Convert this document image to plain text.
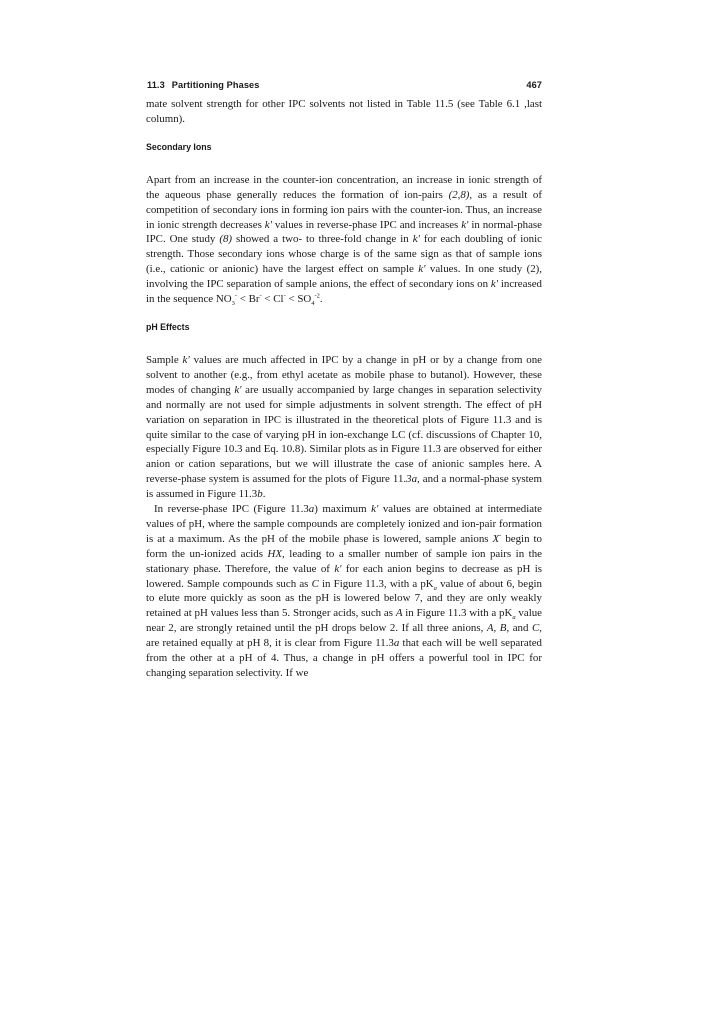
11.3 Partitioning Phases	467

mate solvent strength for other IPC solvents not listed in Table 11.5 (see Table 6.1 ,last column).

Secondary Ions

Apart from an increase in the counter-ion concentration, an increase in ionic strength of the aqueous phase generally reduces the formation of ion-pairs (2,8), as a result of competition of secondary ions in forming ion pairs with the counter-ion. Thus, an increase in ionic strength decreases k' values in reverse-phase IPC and increases k' in normal-phase IPC. One study (8) showed a two- to three-fold change in k' for each doubling of ionic strength. Those secondary ions whose charge is of the same sign as that of sample ions (i.e., cationic or anionic) have the largest effect on sample k' values. In one study (2), involving the IPC separation of sample anions, the effect of secondary ions on k' increased in the sequence $NO_3^- < Br^- < Cl^- < SO_4^{-2}$.

pH Effects

Sample k' values are much affected in IPC by a change in pH or by a change from one solvent to another (e.g., from ethyl acetate as mobile phase to butanol). However, these modes of changing k' are usually accompanied by large changes in separation selectivity and normally are not used for simple adjustments in solvent strength. The effect of pH variation on separation in IPC is illustrated in the theoretical plots of Figure 11.3 and is quite similar to the case of varying pH in ion-exchange LC (cf. discussions of Chapter 10, especially Figure 10.3 and Eq. 10.8). Similar plots as in Figure 11.3 are observed for either anion or cation separations, but we will illustrate the case of anionic samples here. A reverse-phase system is assumed for the plots of Figure 11.3a, and a normal-phase system is assumed in Figure 11.3b.

In reverse-phase IPC (Figure 11.3a) maximum k' values are obtained at intermediate values of pH, where the sample compounds are completely ionized and ion-pair formation is at a maximum. As the pH of the mobile phase is lowered, sample anions X- begin to form the un-ionized acids HX, leading to a smaller number of sample ion pairs in the stationary phase. Therefore, the value of k' for each anion begins to decrease as pH is lowered. Sample compounds such as C in Figure 11.3, with a $pK_a$ value of about 6, begin to elute more quickly as soon as the pH is lowered below 7, and they are only weakly retained at pH values less than 5. Stronger acids, such as A in Figure 11.3 with a $pK_a$ value near 2, are strongly retained until the pH drops below 2. If all three anions, A, B, and C, are retained equally at pH 8, it is clear from Figure 11.3a that each will be well separated from the other at a pH of 4. Thus, a change in pH offers a powerful tool in IPC for changing separation selectivity. If we
